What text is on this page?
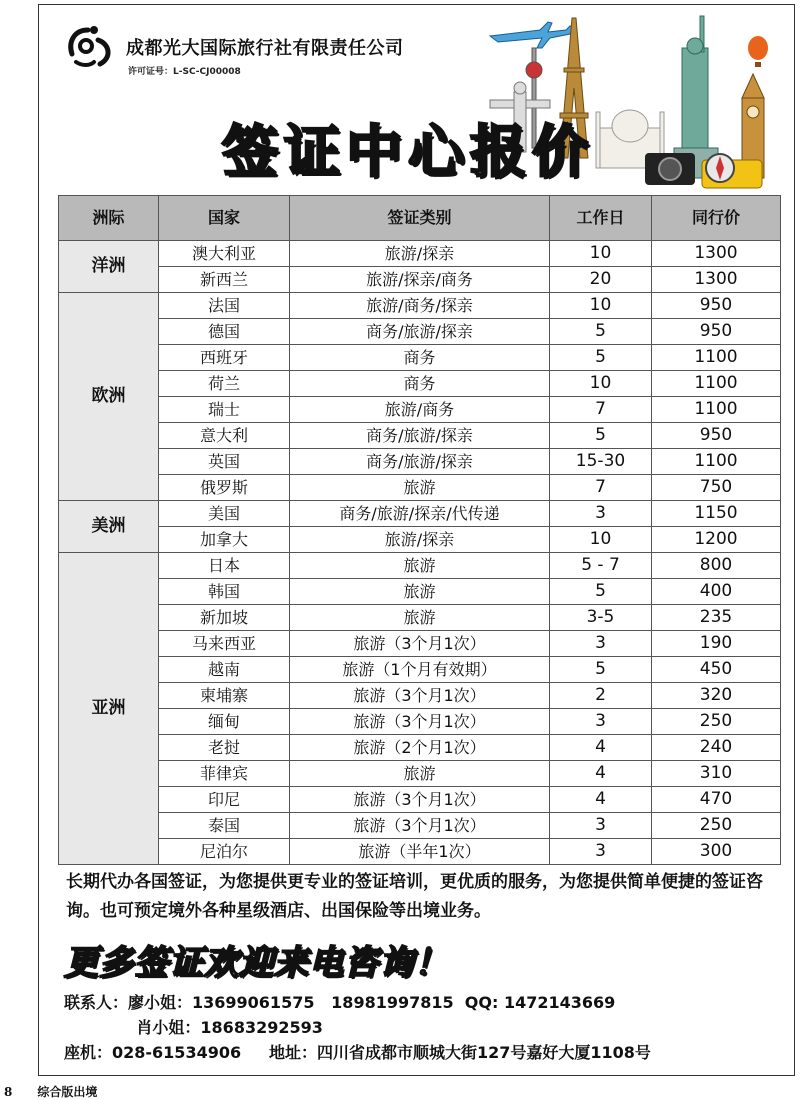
成都光大国际旅行社有限责任公司
许可证号：L-SC-CJ00008
签证中心报价
洲际	国家	签证类别	工作日	同行价
洋洲	澳大利亚	旅游/探亲	10	1300
	新西兰	旅游/探亲/商务	20	1300
欧洲	法国	旅游/商务/探亲	10	950
	德国	商务/旅游/探亲	5	950
	西班牙	商务	5	1100
	荷兰	商务	10	1100
	瑞士	旅游/商务	7	1100
	意大利	商务/旅游/探亲	5	950
	英国	商务/旅游/探亲	15-30	1100
	俄罗斯	旅游	7	750
美洲	美国	商务/旅游/探亲/代传递	3	1150
	加拿大	旅游/探亲	10	1200
亚洲	日本	旅游	5 - 7	800
	韩国	旅游	5	400
	新加坡	旅游	3-5	235
	马来西亚	旅游（3个月1次）	3	190
	越南	旅游（1个月有效期）	5	450
	柬埔寨	旅游（3个月1次）	2	320
	缅甸	旅游（3个月1次）	3	250
	老挝	旅游（2个月1次）	4	240
	菲律宾	旅游	4	310
	印尼	旅游（3个月1次）	4	470
	泰国	旅游（3个月1次）	3	250
	尼泊尔	旅游（半年1次）	3	300
长期代办各国签证，为您提供更专业的签证培训，更优质的服务，为您提供简单便捷的签证咨询。也可预定境外各种星级酒店、出国保险等出境业务。
更多签证欢迎来电咨询！
联系人：廖小姐：13699061575   18981997815  QQ: 1472143669
肖小姐：18683292593
座机：028-61534906     地址：四川省成都市顺城大街127号嘉好大厦1108号
8      综合版出境
